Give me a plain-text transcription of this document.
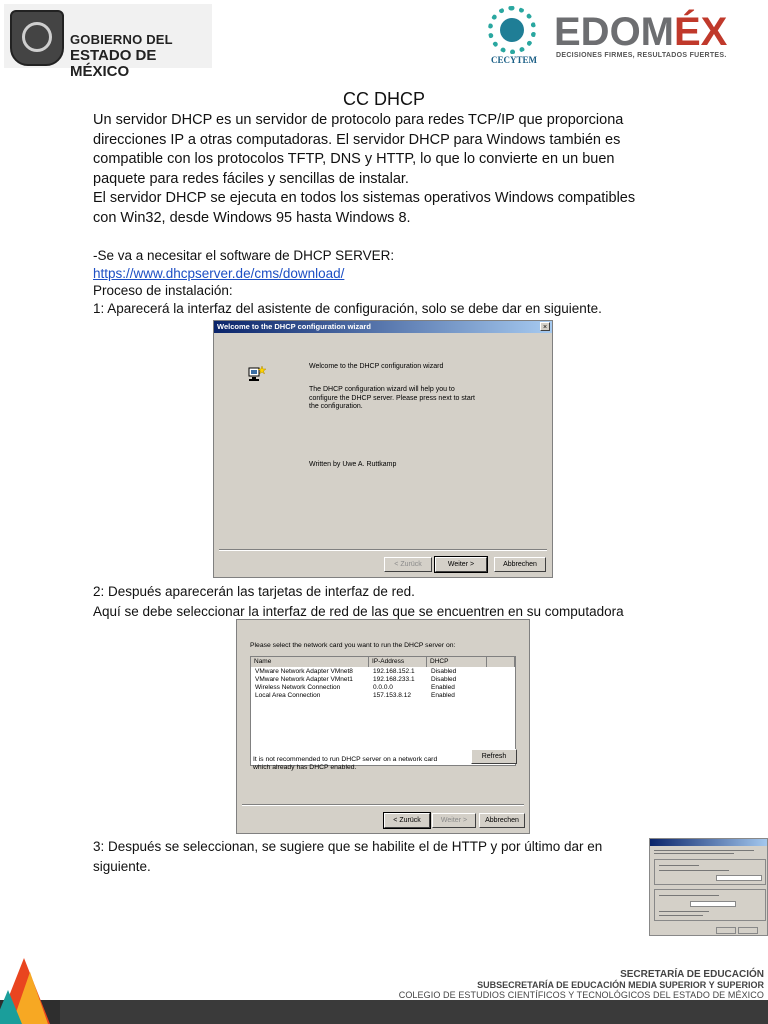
GOBIERNO DEL
ESTADO DE MÉXICO
CECYTEM
EDOMÉX
DECISIONES FIRMES, RESULTADOS FUERTES.
CC DHCP
Un servidor DHCP es un servidor de protocolo para redes TCP/IP que proporciona
direcciones IP a otras computadoras. El servidor DHCP para Windows también es
compatible con los protocolos TFTP, DNS y HTTP, lo que lo convierte en un buen
paquete para redes fáciles y sencillas de instalar.
El servidor DHCP se ejecuta en todos los sistemas operativos Windows compatibles
con Win32, desde Windows 95 hasta Windows 8.
-Se va a necesitar el software de DHCP SERVER:
https://www.dhcpserver.de/cms/download/
Proceso de instalación:
1: Aparecerá la interfaz del asistente de configuración, solo se debe dar en siguiente.
Welcome to the DHCP configuration wizard	×
Welcome to the DHCP configuration wizard
The DHCP configuration wizard will help you to
configure the DHCP server. Please press next to start
the configuration.
Written by Uwe A. Ruttkamp
< Zurück	Weiter >	Abbrechen
2: Después aparecerán las tarjetas de interfaz de red.
Aquí se debe seleccionar la interfaz de red de las que se encuentren en su computadora
Please select the network card you want to run the DHCP server on:
Name	IP-Address	DHCP
VMware Network Adapter VMnet8	192.168.152.1	Disabled
VMware Network Adapter VMnet1	192.168.233.1	Disabled
Wireless Network Connection	0.0.0.0	Enabled
Local Area Connection	157.153.8.12	Enabled
It is not recommended to run DHCP server on a network card
which already has DHCP enabled.
Refresh
< Zurück	Weiter >	Abbrechen
3: Después se seleccionan, se sugiere que se habilite el de HTTP y por último dar en
siguiente.
SECRETARÍA DE EDUCACIÓN
SUBSECRETARÍA DE EDUCACIÓN MEDIA SUPERIOR Y SUPERIOR
COLEGIO DE ESTUDIOS CIENTÍFICOS Y TECNOLÓGICOS DEL ESTADO DE MÉXICO
